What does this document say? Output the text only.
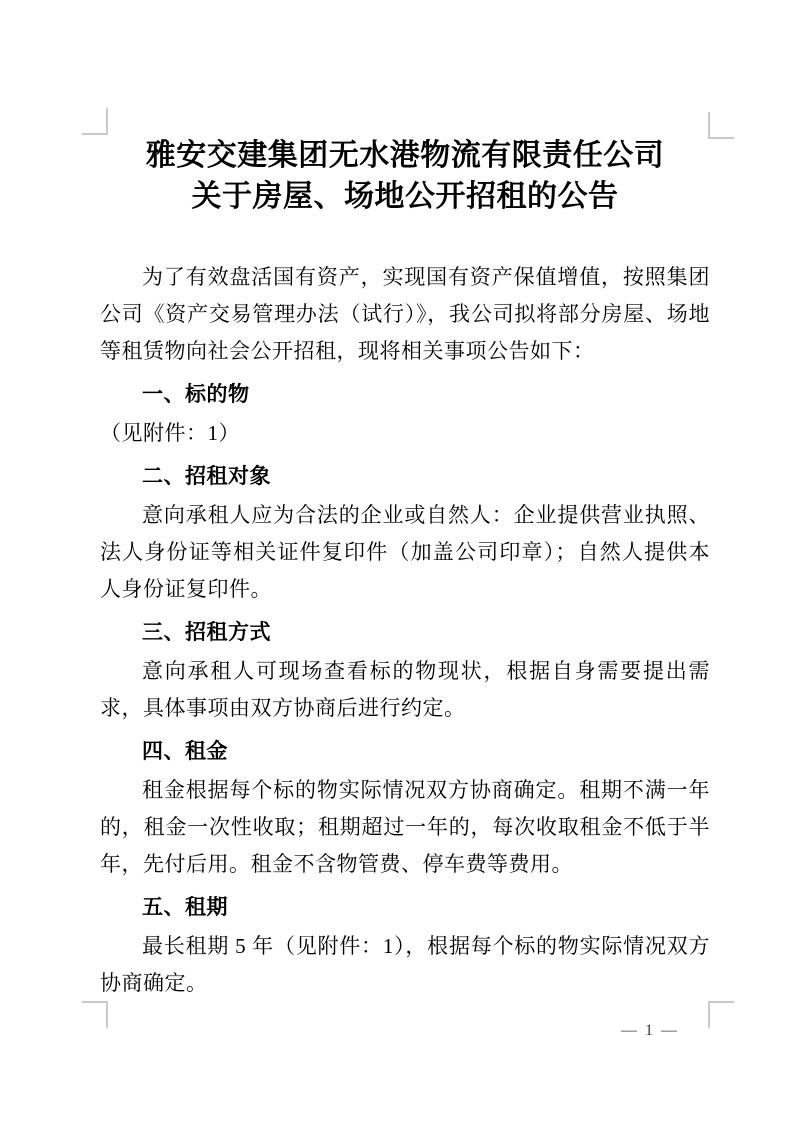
雅安交建集团无水港物流有限责任公司
关于房屋、场地公开招租的公告

为了有效盘活国有资产，实现国有资产保值增值，按照集团公司《资产交易管理办法（试行）》，我公司拟将部分房屋、场地等租赁物向社会公开招租，现将相关事项公告如下：

一、标的物

（见附件：1）

二、招租对象

意向承租人应为合法的企业或自然人：企业提供营业执照、法人身份证等相关证件复印件（加盖公司印章）；自然人提供本人身份证复印件。

三、招租方式

意向承租人可现场查看标的物现状，根据自身需要提出需求，具体事项由双方协商后进行约定。

四、租金

租金根据每个标的物实际情况双方协商确定。租期不满一年的，租金一次性收取；租期超过一年的，每次收取租金不低于半年，先付后用。租金不含物管费、停车费等费用。

五、租期

最长租期 5 年（见附件：1），根据每个标的物实际情况双方协商确定。

— 1 —
